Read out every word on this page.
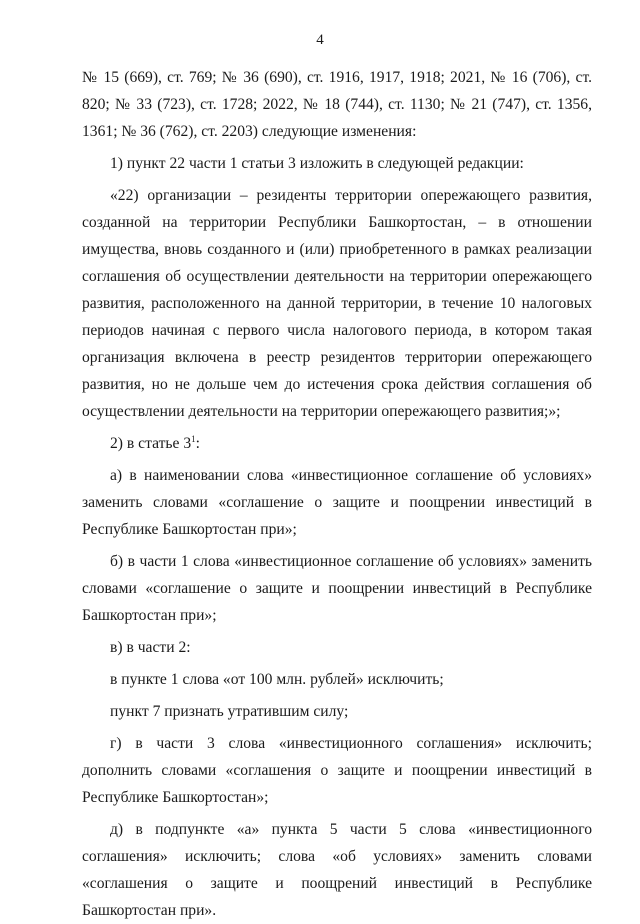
4

№ 15 (669), ст. 769; № 36 (690), ст. 1916, 1917, 1918; 2021, № 16 (706), ст. 820; № 33 (723), ст. 1728; 2022, № 18 (744), ст. 1130; № 21 (747), ст. 1356, 1361; № 36 (762), ст. 2203) следующие изменения:

1) пункт 22 части 1 статьи 3 изложить в следующей редакции:

«22) организации – резиденты территории опережающего развития, созданной на территории Республики Башкортостан, – в отношении имущества, вновь созданного и (или) приобретенного в рамках реализации соглашения об осуществлении деятельности на территории опережающего развития, расположенного на данной территории, в течение 10 налоговых периодов начиная с первого числа налогового периода, в котором такая организация включена в реестр резидентов территории опережающего развития, но не дольше чем до истечения срока действия соглашения об осуществлении деятельности на территории опережающего развития;»;

2) в статье $3^1$:

а) в наименовании слова «инвестиционное соглашение об условиях» заменить словами «соглашение о защите и поощрении инвестиций в Республике Башкортостан при»;

б) в части 1 слова «инвестиционное соглашение об условиях» заменить словами «соглашение о защите и поощрении инвестиций в Республике Башкортостан при»;

в) в части 2:

в пункте 1 слова «от 100 млн. рублей» исключить;

пункт 7 признать утратившим силу;

г) в части 3 слова «инвестиционного соглашения» исключить; дополнить словами «соглашения о защите и поощрении инвестиций в Республике Башкортостан»;

д) в подпункте «а» пункта 5 части 5 слова «инвестиционного соглашения» исключить; слова «об условиях» заменить словами «соглашения о защите и поощрений инвестиций в Республике Башкортостан при».
